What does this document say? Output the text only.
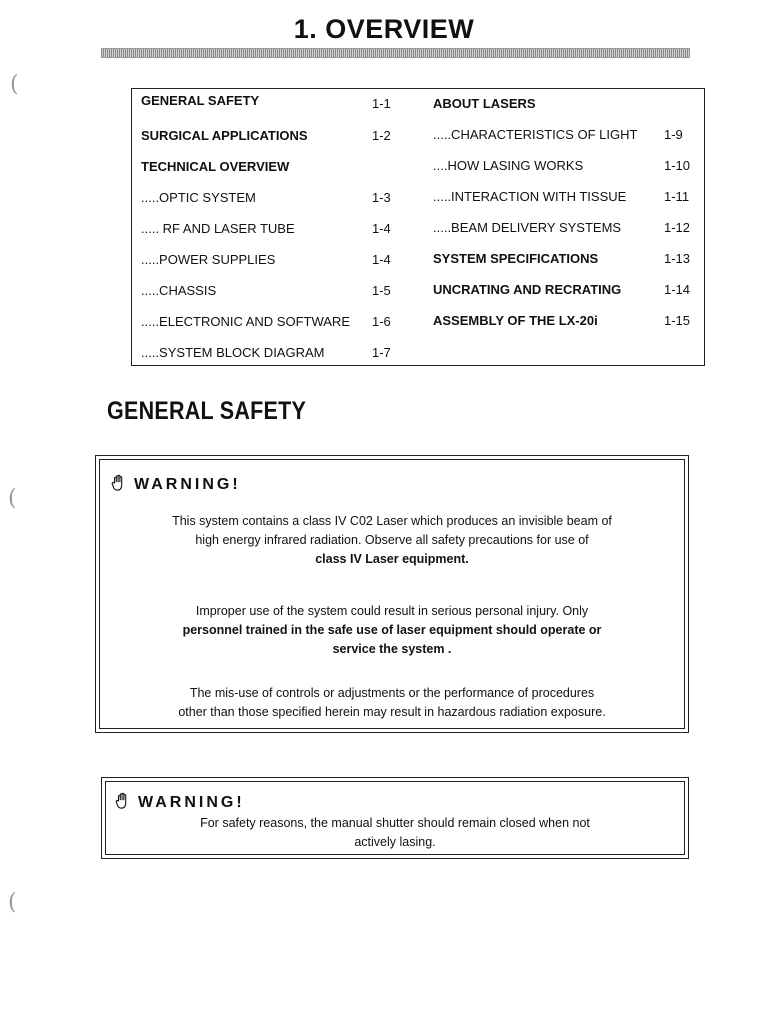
1. OVERVIEW
(
(
(
GENERAL SAFETY	1-1
SURGICAL APPLICATIONS	1-2
TECHNICAL OVERVIEW
.....OPTIC SYSTEM	1-3
..... RF AND LASER TUBE	1-4
.....POWER SUPPLIES	1-4
.....CHASSIS	1-5
.....ELECTRONIC AND SOFTWARE 1-6
.....SYSTEM BLOCK DIAGRAM	1-7
ABOUT LASERS
.....CHARACTERISTICS OF LIGHT 1-9
....HOW LASING WORKS	1-10
.....INTERACTION WITH TISSUE	1-11
.....BEAM DELIVERY SYSTEMS	1-12
SYSTEM SPECIFICATIONS	1-13
UNCRATING AND RECRATING	1-14
ASSEMBLY OF THE LX-20i	1-15
GENERAL SAFETY
WARNING!
This system contains a class IV C02 Laser which produces an invisible beam of
high energy infrared radiation. Observe all safety precautions for use of
class IV Laser equipment.
Improper use of the system could result in serious personal injury. Only
personnel trained in the safe use of laser equipment should operate or
service the system .
The mis-use of controls or adjustments or the performance of procedures
other than those specified herein may result in hazardous radiation exposure.
WARNING!
For safety reasons, the manual shutter should remain closed when not
actively lasing.
